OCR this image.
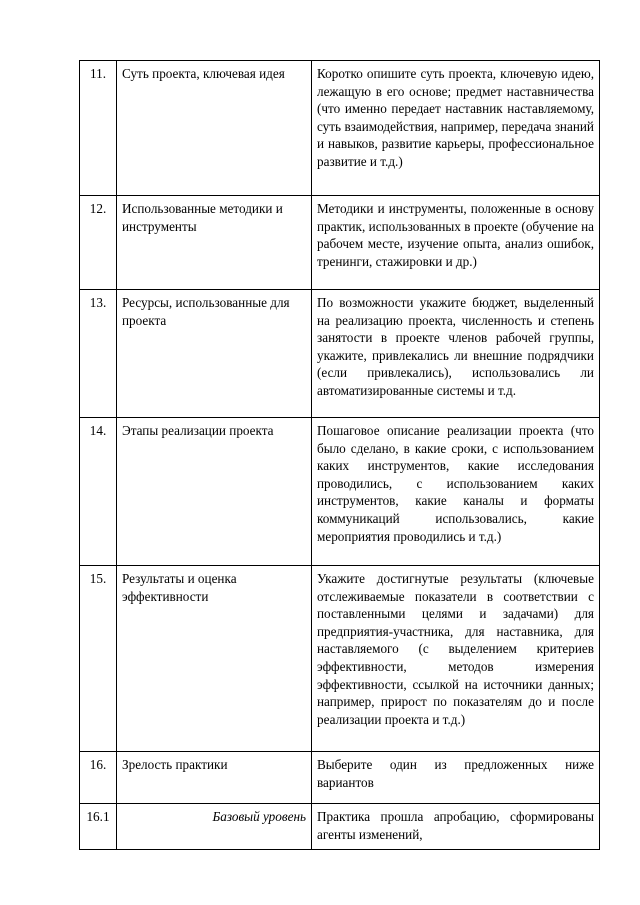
11.	Суть проекта, ключевая идея	Коротко опишите суть проекта, ключевую идею, лежащую в его основе; предмет наставничества (что именно передает наставник наставляемому, суть взаимодействия, например, передача знаний и навыков, развитие карьеры, профессиональное развитие и т.д.)
12.	Использованные методики и инструменты	Методики и инструменты, положенные в основу практик, использованных в проекте (обучение на рабочем месте, изучение опыта, анализ ошибок, тренинги, стажировки и др.)
13.	Ресурсы, использованные для проекта	По возможности укажите бюджет, выделенный на реализацию проекта, численность и степень занятости в проекте членов рабочей группы, укажите, привлекались ли внешние подрядчики (если привлекались), использовались ли автоматизированные системы и т.д.
14.	Этапы реализации проекта	Пошаговое описание реализации проекта (что было сделано, в какие сроки, с использованием каких инструментов, какие исследования проводились, с использованием каких инструментов, какие каналы и форматы коммуникаций использовались, какие мероприятия проводились и т.д.)
15.	Результаты и оценка эффективности	Укажите достигнутые результаты (ключевые отслеживаемые показатели в соответствии с поставленными целями и задачами) для предприятия-участника, для наставника, для наставляемого (с выделением критериев эффективности, методов измерения эффективности, ссылкой на источники данных; например, прирост по показателям до и после реализации проекта и т.д.)
16.	Зрелость практики	Выберите один из предложенных ниже вариантов
16.1	Базовый уровень	Практика прошла апробацию, сформированы агенты изменений,
